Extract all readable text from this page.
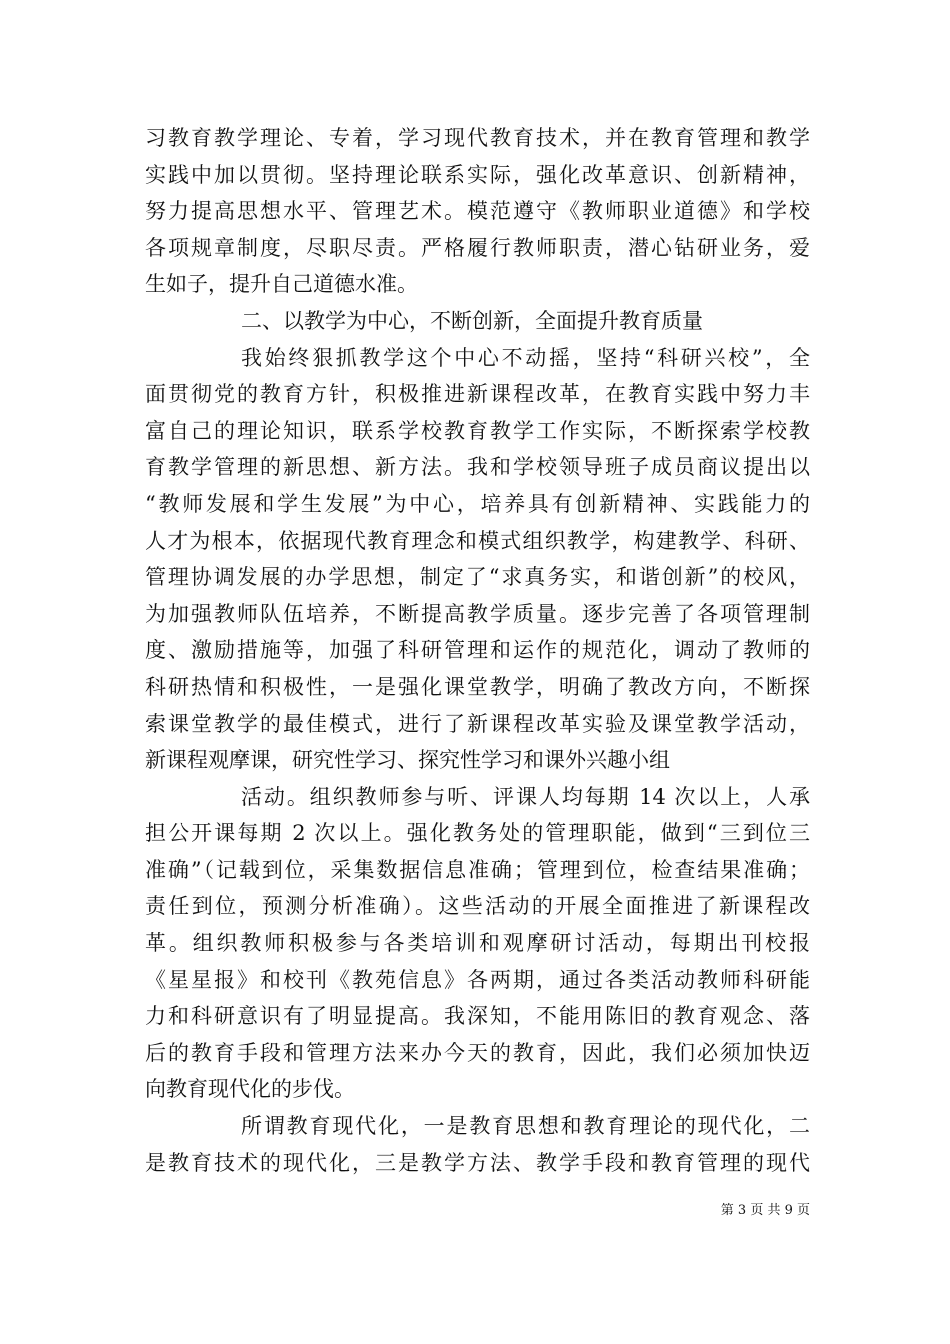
习教育教学理论、专着，学习现代教育技术，并在教育管理和教学
实践中加以贯彻。坚持理论联系实际，强化改革意识、创新精神，
努力提高思想水平、管理艺术。模范遵守《教师职业道德》和学校
各项规章制度，尽职尽责。严格履行教师职责，潜心钻研业务，爱
生如子，提升自己道德水准。
二、以教学为中心，不断创新，全面提升教育质量
我始终狠抓教学这个中心不动摇，坚持“科研兴校”，全
面贯彻党的教育方针，积极推进新课程改革，在教育实践中努力丰
富自己的理论知识，联系学校教育教学工作实际，不断探索学校教
育教学管理的新思想、新方法。我和学校领导班子成员商议提出以
“教师发展和学生发展”为中心，培养具有创新精神、实践能力的
人才为根本，依据现代教育理念和模式组织教学，构建教学、科研、
管理协调发展的办学思想，制定了“求真务实，和谐创新”的校风，
为加强教师队伍培养，不断提高教学质量。逐步完善了各项管理制
度、激励措施等，加强了科研管理和运作的规范化，调动了教师的
科研热情和积极性，一是强化课堂教学，明确了教改方向，不断探
索课堂教学的最佳模式，进行了新课程改革实验及课堂教学活动，
新课程观摩课，研究性学习、探究性学习和课外兴趣小组
活动。组织教师参与听、评课人均每期 14 次以上，人承
担公开课每期 2 次以上。强化教务处的管理职能，做到“三到位三
准确”（记载到位，采集数据信息准确；管理到位，检查结果准确；
责任到位，预测分析准确）。这些活动的开展全面推进了新课程改
革。组织教师积极参与各类培训和观摩研讨活动，每期出刊校报
《星星报》和校刊《教苑信息》各两期，通过各类活动教师科研能
力和科研意识有了明显提高。我深知，不能用陈旧的教育观念、落
后的教育手段和管理方法来办今天的教育，因此，我们必须加快迈
向教育现代化的步伐。
所谓教育现代化，一是教育思想和教育理论的现代化，二
是教育技术的现代化，三是教学方法、教学手段和教育管理的现代
第 3 页 共 9 页
